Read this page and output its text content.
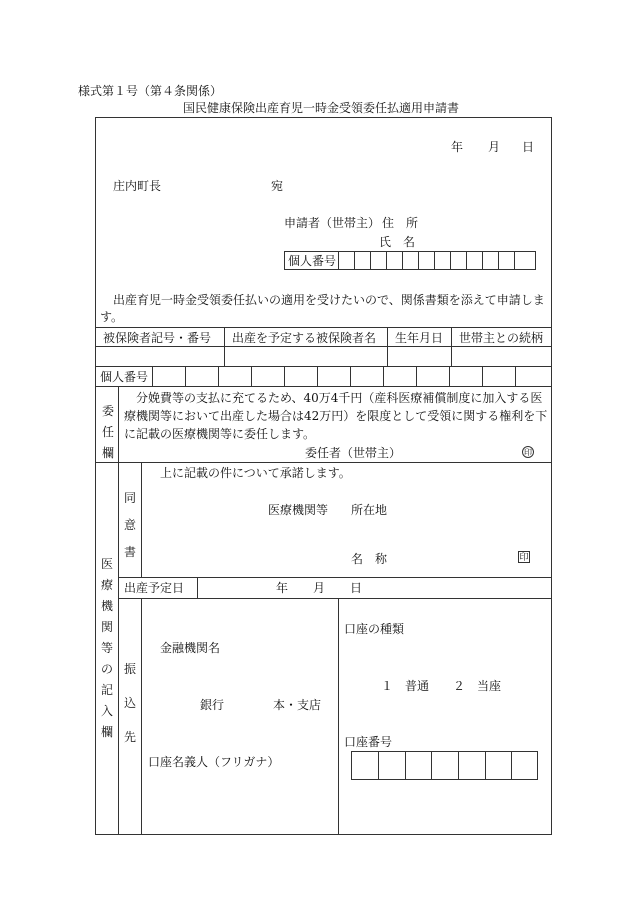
様式第１号（第４条関係）
国民健康保険出産育児一時金受領委任払適用申請書
年 月 日
庄内町長	宛
申請者（世帯主） 住　所
氏　名
個人番号
出産育児一時金受領委任払いの適用を受けたいので、関係書類を添えて申請しま
す。
被保険者記号・番号 出産を予定する被保険者名 生年月日 世帯主との続柄
個人番号
委
任
欄
分娩費等の支払に充てるため、40万4千円（産科医療補償制度に加入する医
療機関等において出産した場合は42万円）を限度として受領に関する権利を下
に記載の医療機関等に委任します。
委任者（世帯主）	印
医
療
機
関
等
の
記
入
欄
同
意
書
上に記載の件について承諾します。
医療機関等 所在地
名　称	印
出産予定日	年 月 日
振
込
先
金融機関名
銀行	本・支店
口座名義人（フリガナ）
口座の種類
１　普通　　２　当座
口座番号
